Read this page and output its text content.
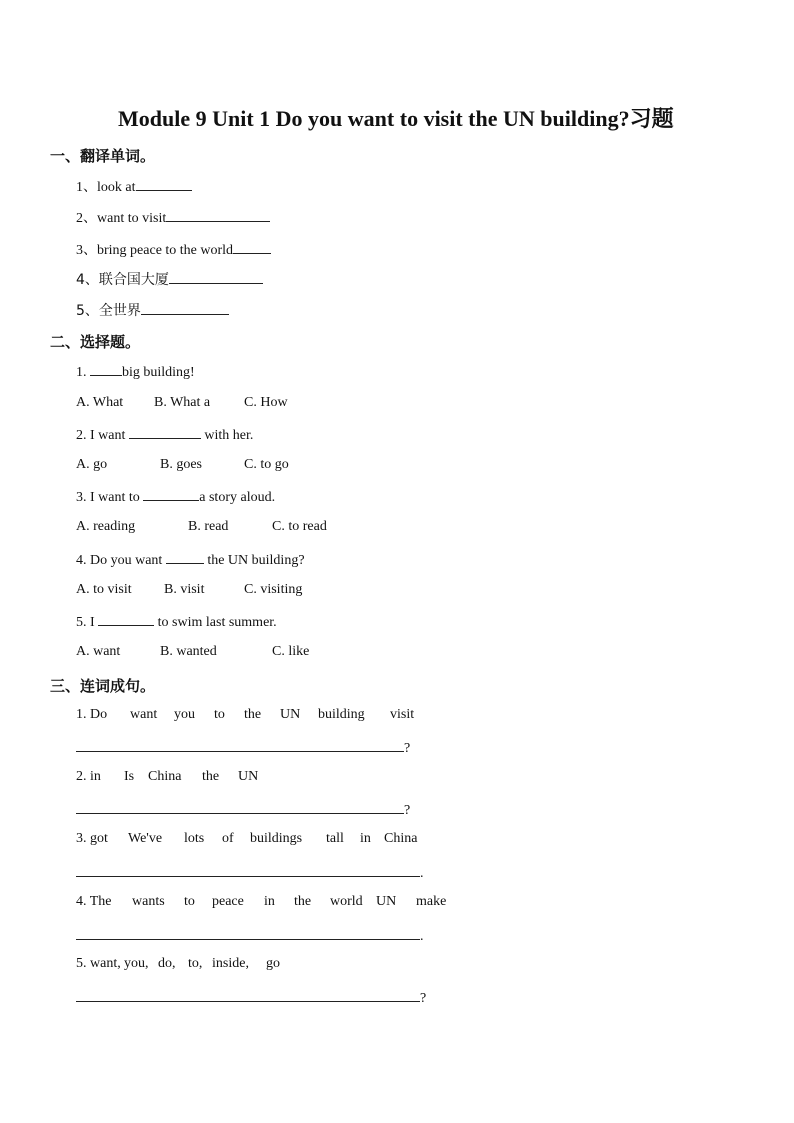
Module 9 Unit 1 Do you want to visit the UN building?习题
一、翻译单词。
1、look at
2、want to visit
3、bring peace to the world
4、联合国大厦
5、全世界
二、选择题。
1. big building!
A. What B. What a C. How
2. I want	with her.
A. go	B. goes	C. to go
3. I want to	a story aloud.
A. reading	B. read	C. to read
4. Do you want	the UN building?
A. to visit B. visit	C. visiting
5. I	to swim last summer.
A. want	B. wanted	C. like
三、连词成句。
1. Do want you to the UN building visit
?
2. in Is China the UN
?
3. got We've lots of buildings tall in China
.
4. The wants to peace in the world UN make
.
5. want, you, do, to, inside, go
?
